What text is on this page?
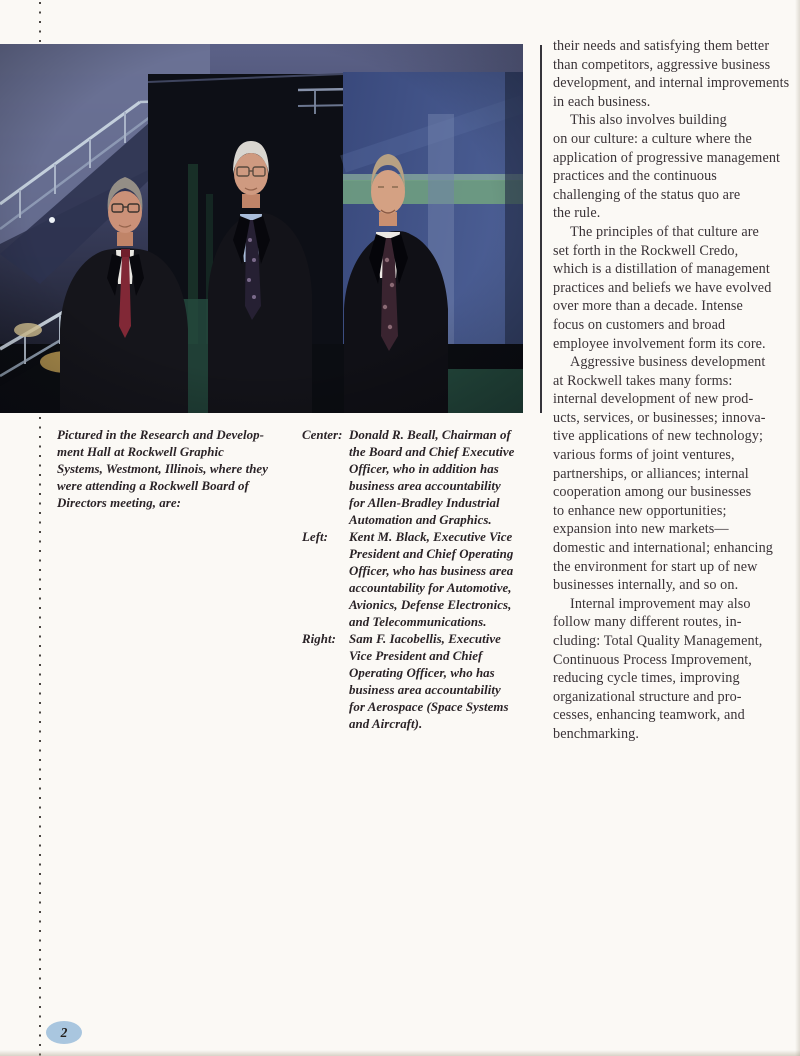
their needs and satisfying them better
than competitors, aggressive business
development, and internal improvements
in each business.

This also involves building
on our culture: a culture where the
application of progressive management
practices and the continuous
challenging of the status quo are
the rule.

The principles of that culture are
set forth in the Rockwell Credo,
which is a distillation of management
practices and beliefs we have evolved
over more than a decade. Intense
focus on customers and broad
employee involvement form its core.

Aggressive business development
at Rockwell takes many forms:
internal development of new prod-
ucts, services, or businesses; innova-
tive applications of new technology;
various forms of joint ventures,
partnerships, or alliances; internal
cooperation among our businesses
to enhance new opportunities;
expansion into new markets—
domestic and international; enhancing
the environment for start up of new
businesses internally, and so on.

Internal improvement may also
follow many different routes, in-
cluding: Total Quality Management,
Continuous Process Improvement,
reducing cycle times, improving
organizational structure and pro-
cesses, enhancing teamwork, and
benchmarking.

Pictured in the Research and Develop-
ment Hall at Rockwell Graphic
Systems, Westmont, Illinois, where they
were attending a Rockwell Board of
Directors meeting, are:
Center: Donald R. Beall, Chairman of
the Board and Chief Executive
Officer, who in addition has
business area accountability
for Allen-Bradley Industrial
Automation and Graphics.
Left:	Kent M. Black, Executive Vice
President and Chief Operating
Officer, who has business area
accountability for Automotive,
Avionics, Defense Electronics,
and Telecommunications.
Right:	Sam F. Iacobellis, Executive
Vice President and Chief
Operating Officer, who has
business area accountability
for Aerospace (Space Systems
and Aircraft).
2
